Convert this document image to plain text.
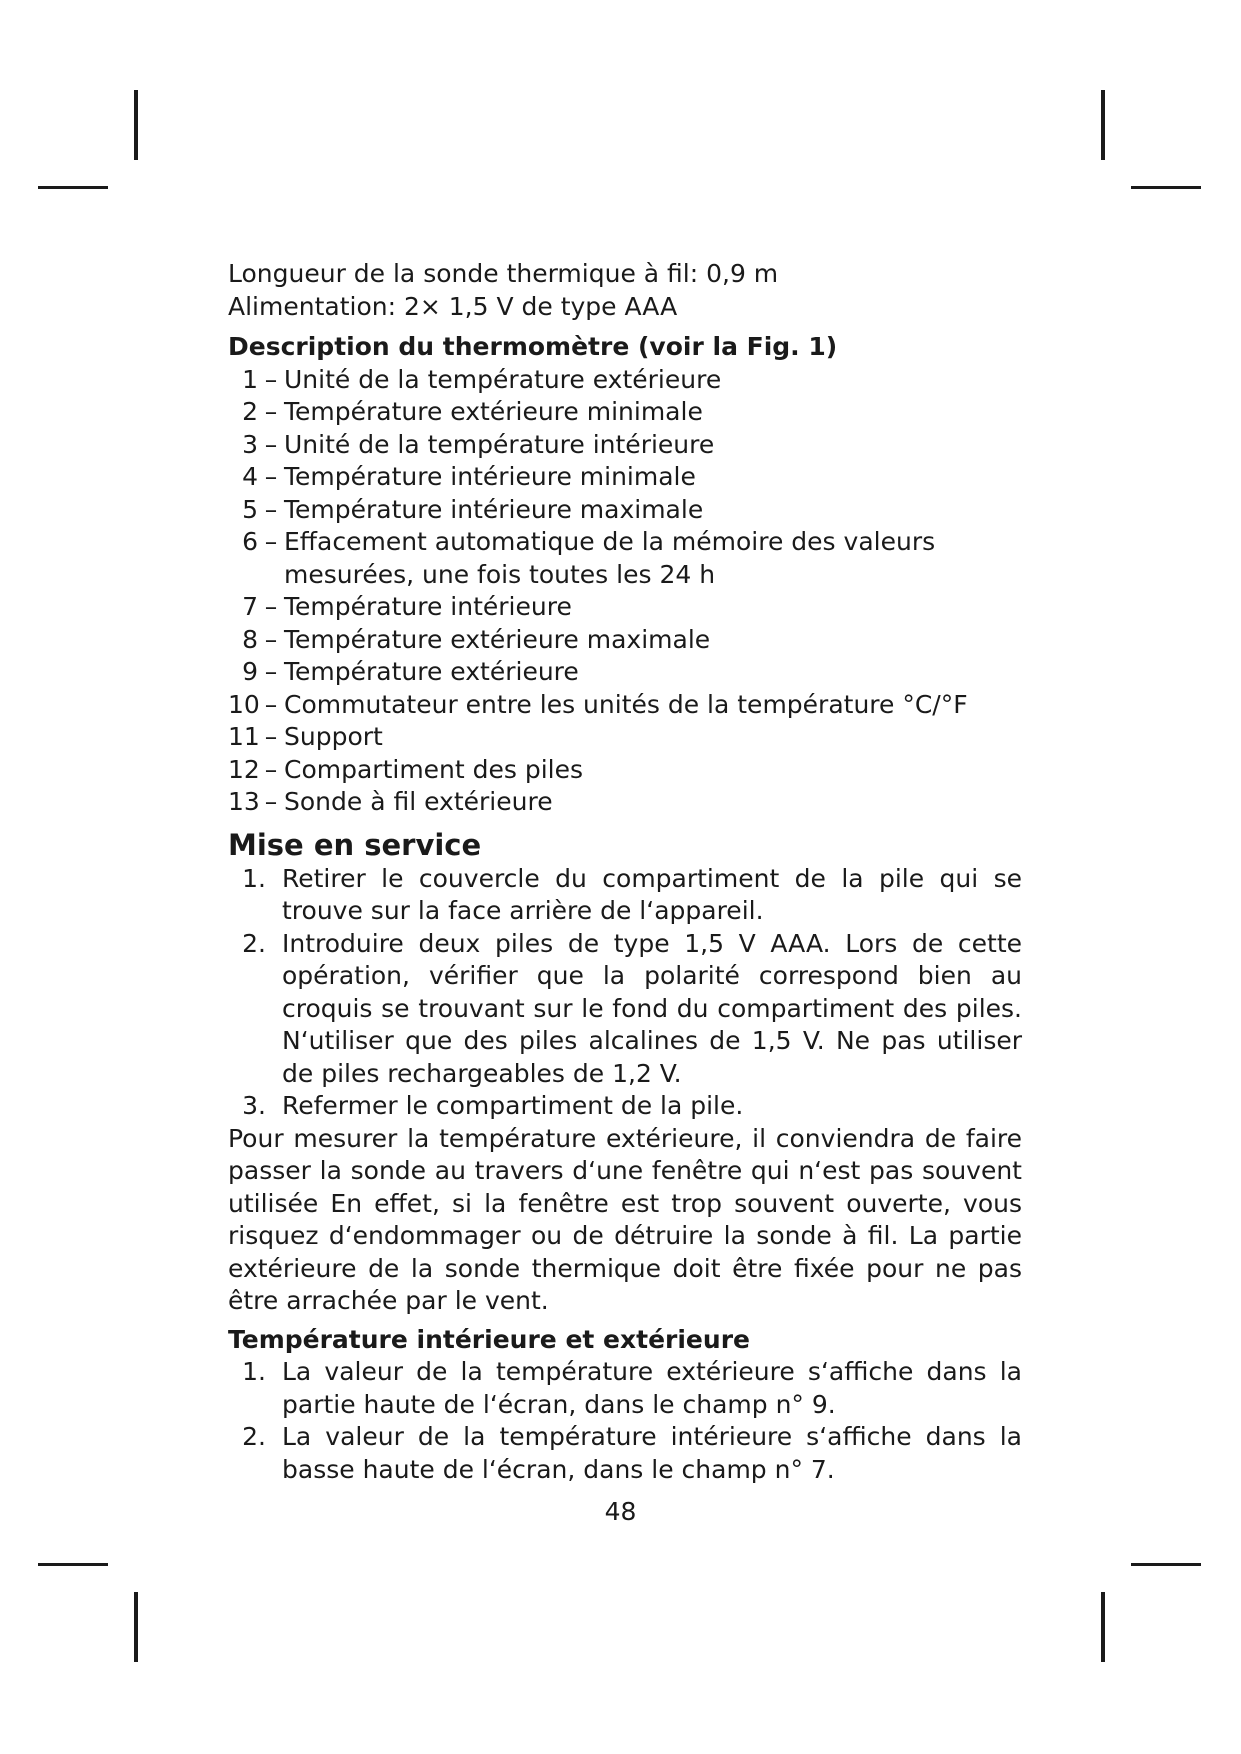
Longueur de la sonde thermique à fil: 0,9 m
Alimentation: 2× 1,5 V de type AAA
Description du thermomètre (voir la Fig. 1)
1 – Unité de la température extérieure
2 – Température extérieure minimale
3 – Unité de la température intérieure
4 – Température intérieure minimale
5 – Température intérieure maximale
6 – Effacement automatique de la mémoire des valeurs mesurées, une fois toutes les 24 h
7 – Température intérieure
8 – Température extérieure maximale
9 – Température extérieure
10 – Commutateur entre les unités de la température °C/°F
11 – Support
12 – Compartiment des piles
13 – Sonde à fil extérieure
Mise en service
1. Retirer le couvercle du compartiment de la pile qui se trouve sur la face arrière de l‘appareil.
2. Introduire deux piles de type 1,5 V AAA. Lors de cette opération, vérifier que la polarité correspond bien au croquis se trouvant sur le fond du compartiment des piles. N‘utiliser que des piles alcalines de 1,5 V. Ne pas utiliser de piles rechargeables de 1,2 V.
3. Refermer le compartiment de la pile.

Pour mesurer la température extérieure, il conviendra de faire passer la sonde au travers d‘une fenêtre qui n‘est pas souvent utilisée En effet, si la fenêtre est trop souvent ouverte, vous risquez d‘endommager ou de détruire la sonde à fil. La partie extérieure de la sonde thermique doit être fixée pour ne pas être arrachée par le vent.

Température intérieure et extérieure
1. La valeur de la température extérieure s‘affiche dans la partie haute de l‘écran, dans le champ n° 9.
2. La valeur de la température intérieure s‘affiche dans la basse haute de l‘écran, dans le champ n° 7.
48
